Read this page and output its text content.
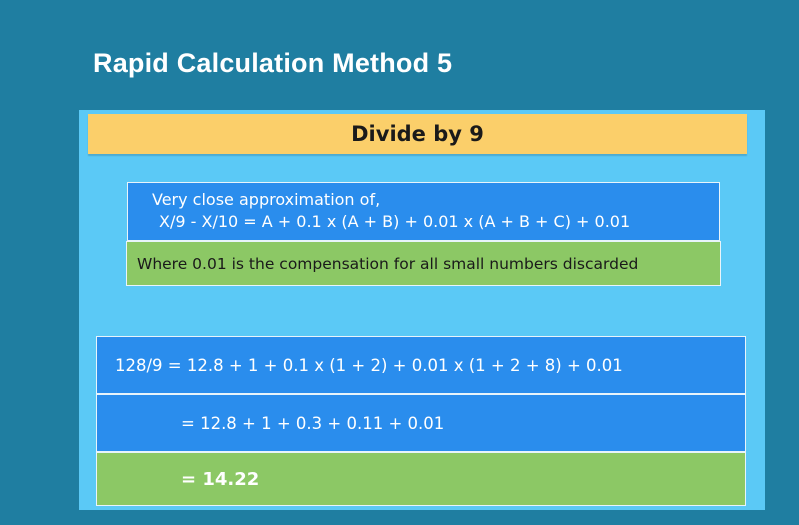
Rapid Calculation Method 5
Divide by 9
Very close approximation of,
X/9 - X/10 = A + 0.1 x (A + B) + 0.01 x (A + B + C) + 0.01
Where 0.01 is the compensation for all small numbers discarded
128/9 = 12.8 + 1 + 0.1 x (1 + 2) + 0.01 x (1 + 2 + 8) + 0.01
= 12.8 + 1 + 0.3 + 0.11 + 0.01
= 14.22
